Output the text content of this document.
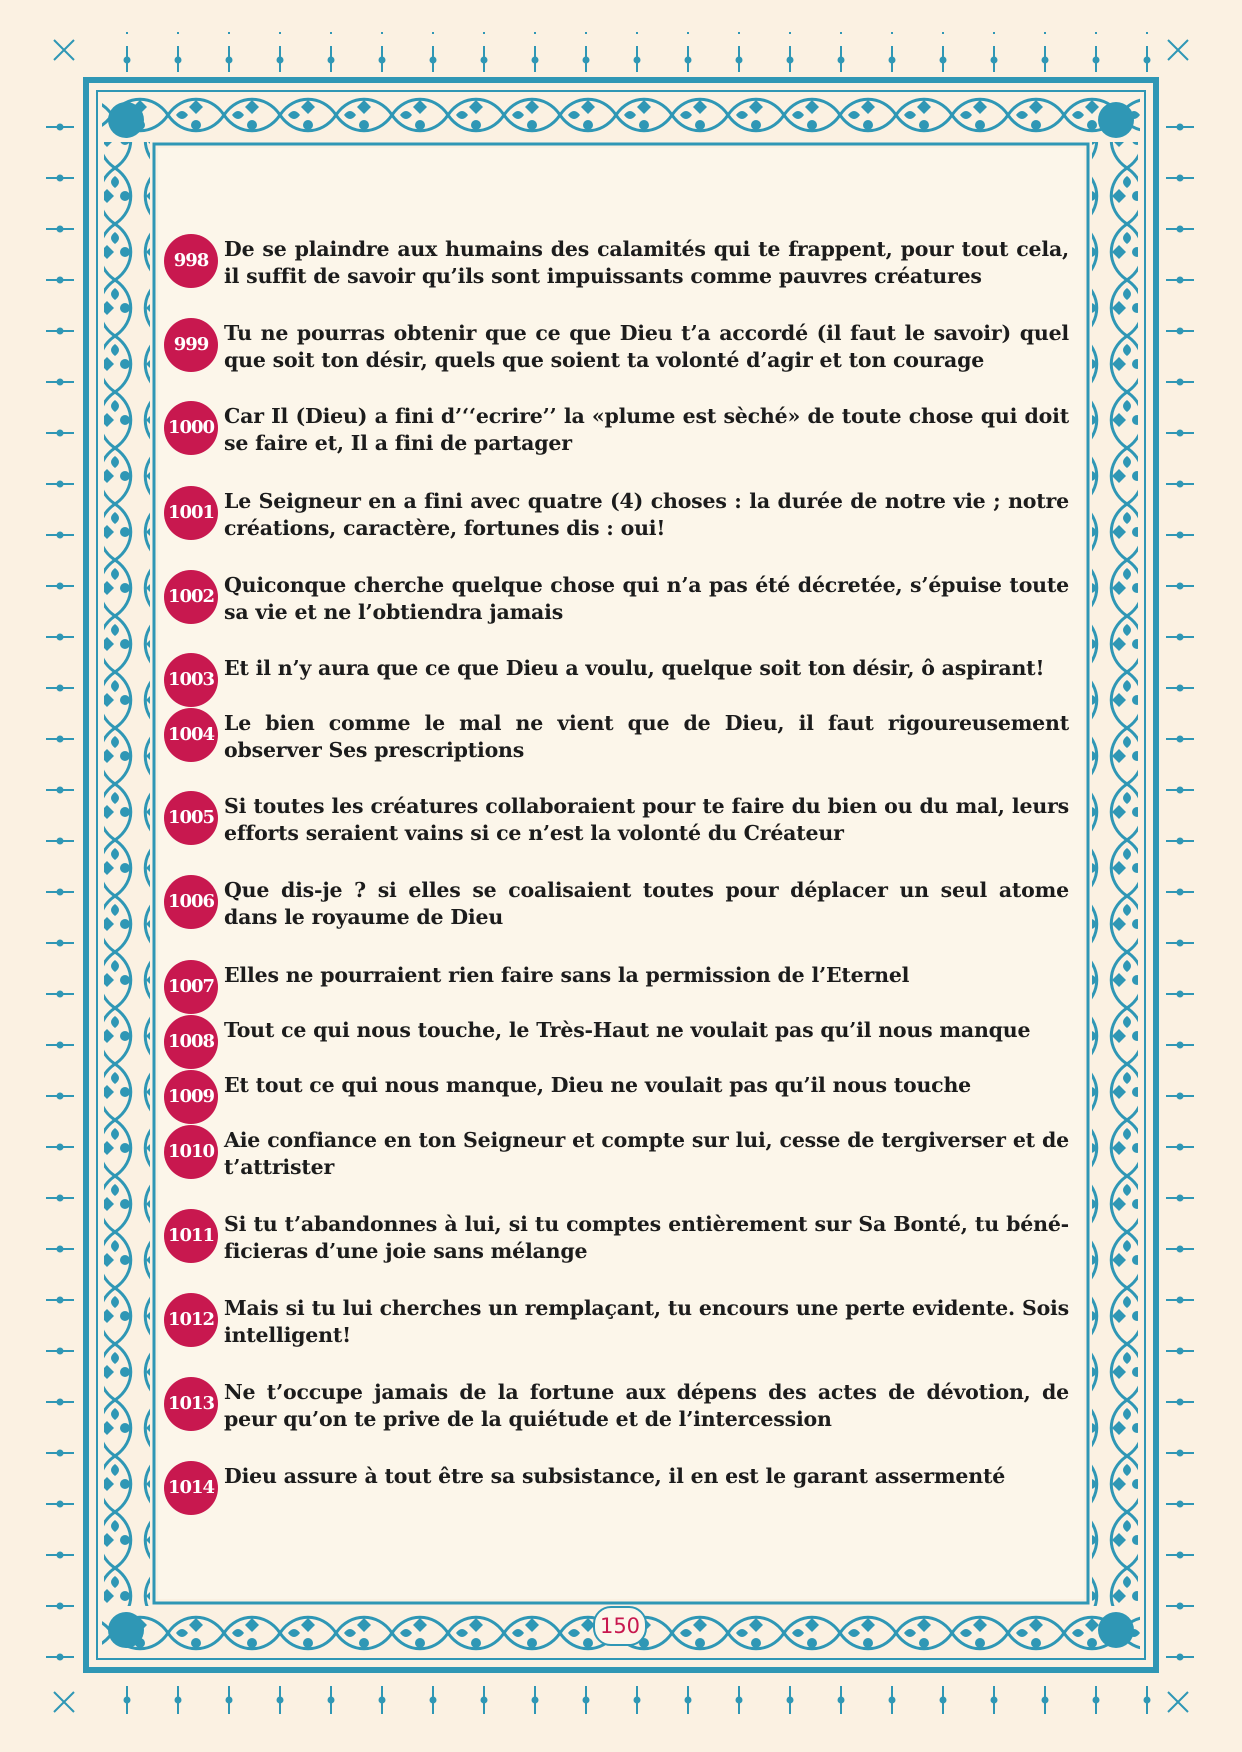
998 De se plaindre aux humains des calamités qui te frappent, pour tout cela, il suffit de savoir qu’ils sont impuissants comme pauvres créatures
999 Tu ne pourras obtenir que ce que Dieu t’a accordé (il faut le savoir) quel que soit ton désir, quels que soient ta volonté d’agir et ton courage
1000 Car Il (Dieu) a fini d’‘‘ecrire’’ la «plume est sèché» de toute chose qui doit se faire et, Il a fini de partager
1001 Le Seigneur en a fini avec quatre (4) choses : la durée de notre vie ; notre créations, caractère, fortunes dis : oui!
1002 Quiconque cherche quelque chose qui n’a pas été décretée, s’épuise toute sa vie et ne l’obtiendra jamais
1003 Et il n’y aura que ce que Dieu a voulu, quelque soit ton désir, ô aspirant!
1004 Le bien comme le mal ne vient que de Dieu, il faut rigoureusement observer Ses prescriptions
1005 Si toutes les créatures collaboraient pour te faire du bien ou du mal, leurs efforts seraient vains si ce n’est la volonté du Créateur
1006 Que dis-je ? si elles se coalisaient toutes pour déplacer un seul atome dans le royaume de Dieu
1007 Elles ne pourraient rien faire sans la permission de l’Eternel
1008 Tout ce qui nous touche, le Très-Haut ne voulait pas qu’il nous manque
1009 Et tout ce qui nous manque, Dieu ne voulait pas qu’il nous touche
1010 Aie confiance en ton Seigneur et compte sur lui, cesse de tergiverser et de t’attrister
1011 Si tu t’abandonnes à lui, si tu comptes entièrement sur Sa Bonté, tu béné-ficieras d’une joie sans mélange
1012 Mais si tu lui cherches un remplaçant, tu encours une perte evidente. Sois intelligent!
1013 Ne t’occupe jamais de la fortune aux dépens des actes de dévotion, de peur qu’on te prive de la quiétude et de l’intercession
1014 Dieu assure à tout être sa subsistance, il en est le garant assermenté
150
